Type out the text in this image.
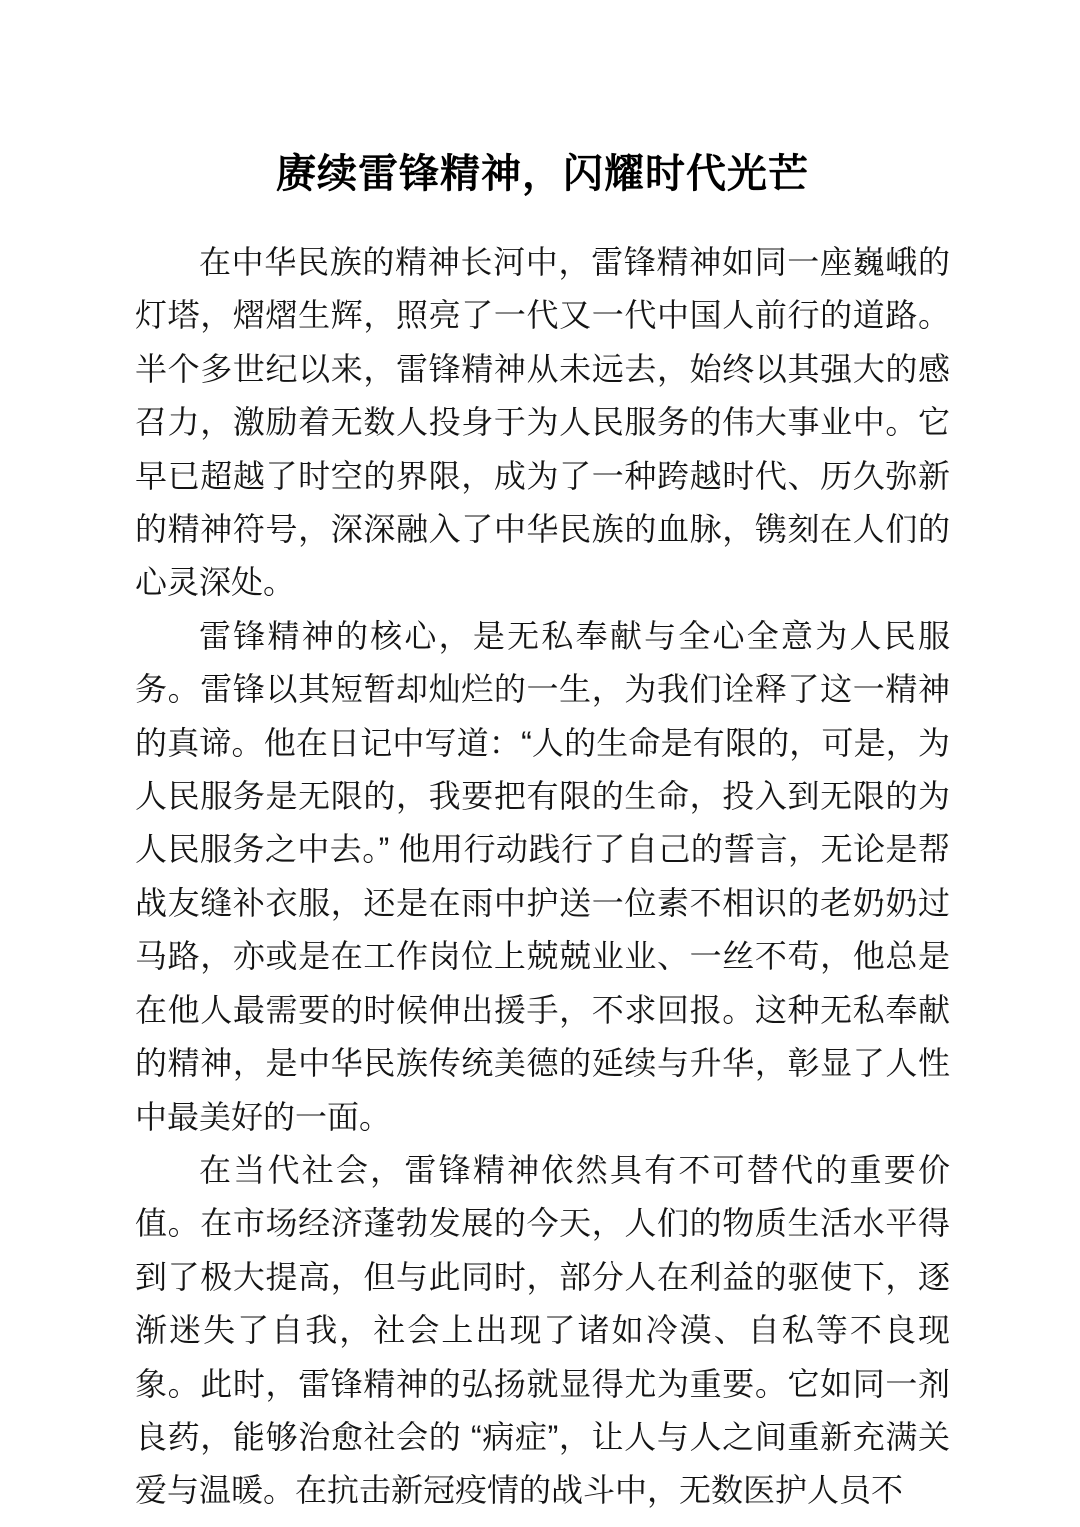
赓续雷锋精神，闪耀时代光芒

在中华民族的精神长河中，雷锋精神如同一座巍峨的灯塔，熠熠生辉，照亮了一代又一代中国人前行的道路。半个多世纪以来，雷锋精神从未远去，始终以其强大的感召力，激励着无数人投身于为人民服务的伟大事业中。它早已超越了时空的界限，成为了一种跨越时代、历久弥新的精神符号，深深融入了中华民族的血脉，镌刻在人们的心灵深处。

雷锋精神的核心，是无私奉献与全心全意为人民服务。雷锋以其短暂却灿烂的一生，为我们诠释了这一精神的真谛。他在日记中写道：“人的生命是有限的，可是，为人民服务是无限的，我要把有限的生命，投入到无限的为人民服务之中去。” 他用行动践行了自己的誓言，无论是帮战友缝补衣服，还是在雨中护送一位素不相识的老奶奶过马路，亦或是在工作岗位上兢兢业业、一丝不苟，他总是在他人最需要的时候伸出援手，不求回报。这种无私奉献的精神，是中华民族传统美德的延续与升华，彰显了人性中最美好的一面。

在当代社会，雷锋精神依然具有不可替代的重要价值。在市场经济蓬勃发展的今天，人们的物质生活水平得到了极大提高，但与此同时，部分人在利益的驱使下，逐渐迷失了自我，社会上出现了诸如冷漠、自私等不良现象。此时，雷锋精神的弘扬就显得尤为重要。它如同一剂良药，能够治愈社会的 “病症”，让人与人之间重新充满关爱与温暖。在抗击新冠疫情的战斗中，无数医护人员不
